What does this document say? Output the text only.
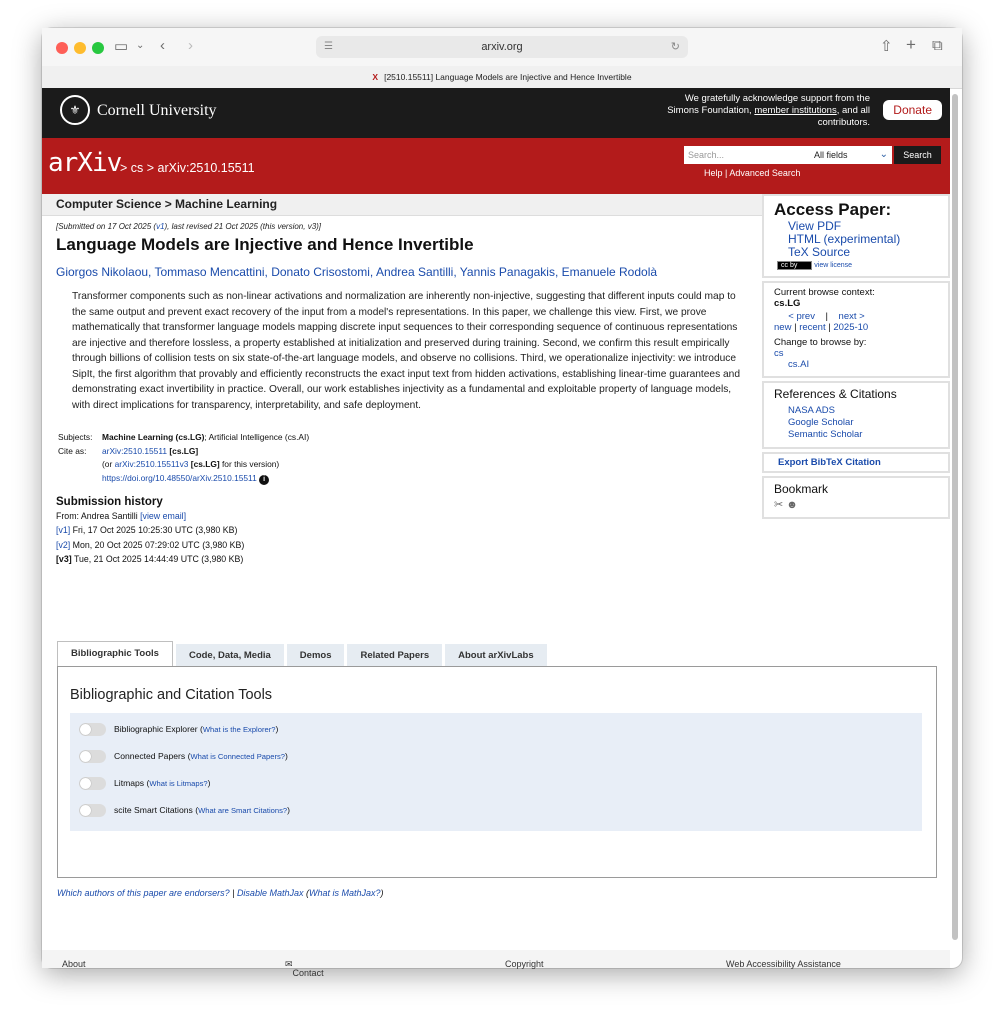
▭ ⌄ ‹ ›	☰	arxiv.org	↻	⇧ + ⧉
X [2510.15511] Language Models are Injective and Hence Invertible
⚜	Cornell University
We gratefully acknowledge support from the
Simons Foundation, member institutions, and all
contributors.
Donate
arXiv
> cs > arXiv:2510.15511
Search...	All fields	⌄	Search
Help | Advanced Search
Computer Science > Machine Learning
[Submitted on 17 Oct 2025 (v1), last revised 21 Oct 2025 (this version, v3)]
Language Models are Injective and Hence Invertible
Giorgos Nikolaou, Tommaso Mencattini, Donato Crisostomi, Andrea Santilli, Yannis Panagakis, Emanuele Rodolà
Transformer components such as non-linear activations and normalization are inherently non-injective, suggesting that different inputs could map to the same output and prevent exact recovery of the input from a model's representations. In this paper, we challenge this view. First, we prove mathematically that transformer language models mapping discrete input sequences to their corresponding sequence of continuous representations are injective and therefore lossless, a property established at initialization and preserved during training. Second, we confirm this result empirically through billions of collision tests on six state-of-the-art language models, and observe no collisions. Third, we operationalize injectivity: we introduce SipIt, the first algorithm that provably and efficiently reconstructs the exact input text from hidden activations, establishing linear-time guarantees and demonstrating exact invertibility in practice. Overall, our work establishes injectivity as a fundamental and exploitable property of language models, with direct implications for transparency, interpretability, and safe deployment.
Subjects: Machine Learning (cs.LG); Artificial Intelligence (cs.AI)
Cite as: arXiv:2510.15511 [cs.LG]
(or arXiv:2510.15511v3 [cs.LG] for this version)
https://doi.org/10.48550/arXiv.2510.15511 i
Submission history
From: Andrea Santilli [view email]
[v1] Fri, 17 Oct 2025 10:25:30 UTC (3,980 KB)
[v2] Mon, 20 Oct 2025 07:29:02 UTC (3,980 KB)
[v3] Tue, 21 Oct 2025 14:44:49 UTC (3,980 KB)
Bibliographic Tools	Code, Data, Media	Demos	Related Papers	About arXivLabs
Bibliographic and Citation Tools
Bibliographic Explorer (What is the Explorer?)
Connected Papers (What is Connected Papers?)
Litmaps (What is Litmaps?)
scite Smart Citations (What are Smart Citations?)
Which authors of this paper are endorsers? | Disable MathJax (What is MathJax?)
About	✉
Contact
Copyright	Web Accessibility Assistance
Access Paper:
View PDF
HTML (experimental)
TeX Source
cc by view license
Current browse context:
cs.LG
< prev | next >
new | recent | 2025-10
Change to browse by:
cs
cs.AI
References & Citations
NASA ADS
Google Scholar
Semantic Scholar
Export BibTeX Citation
Bookmark
✂ ☻
